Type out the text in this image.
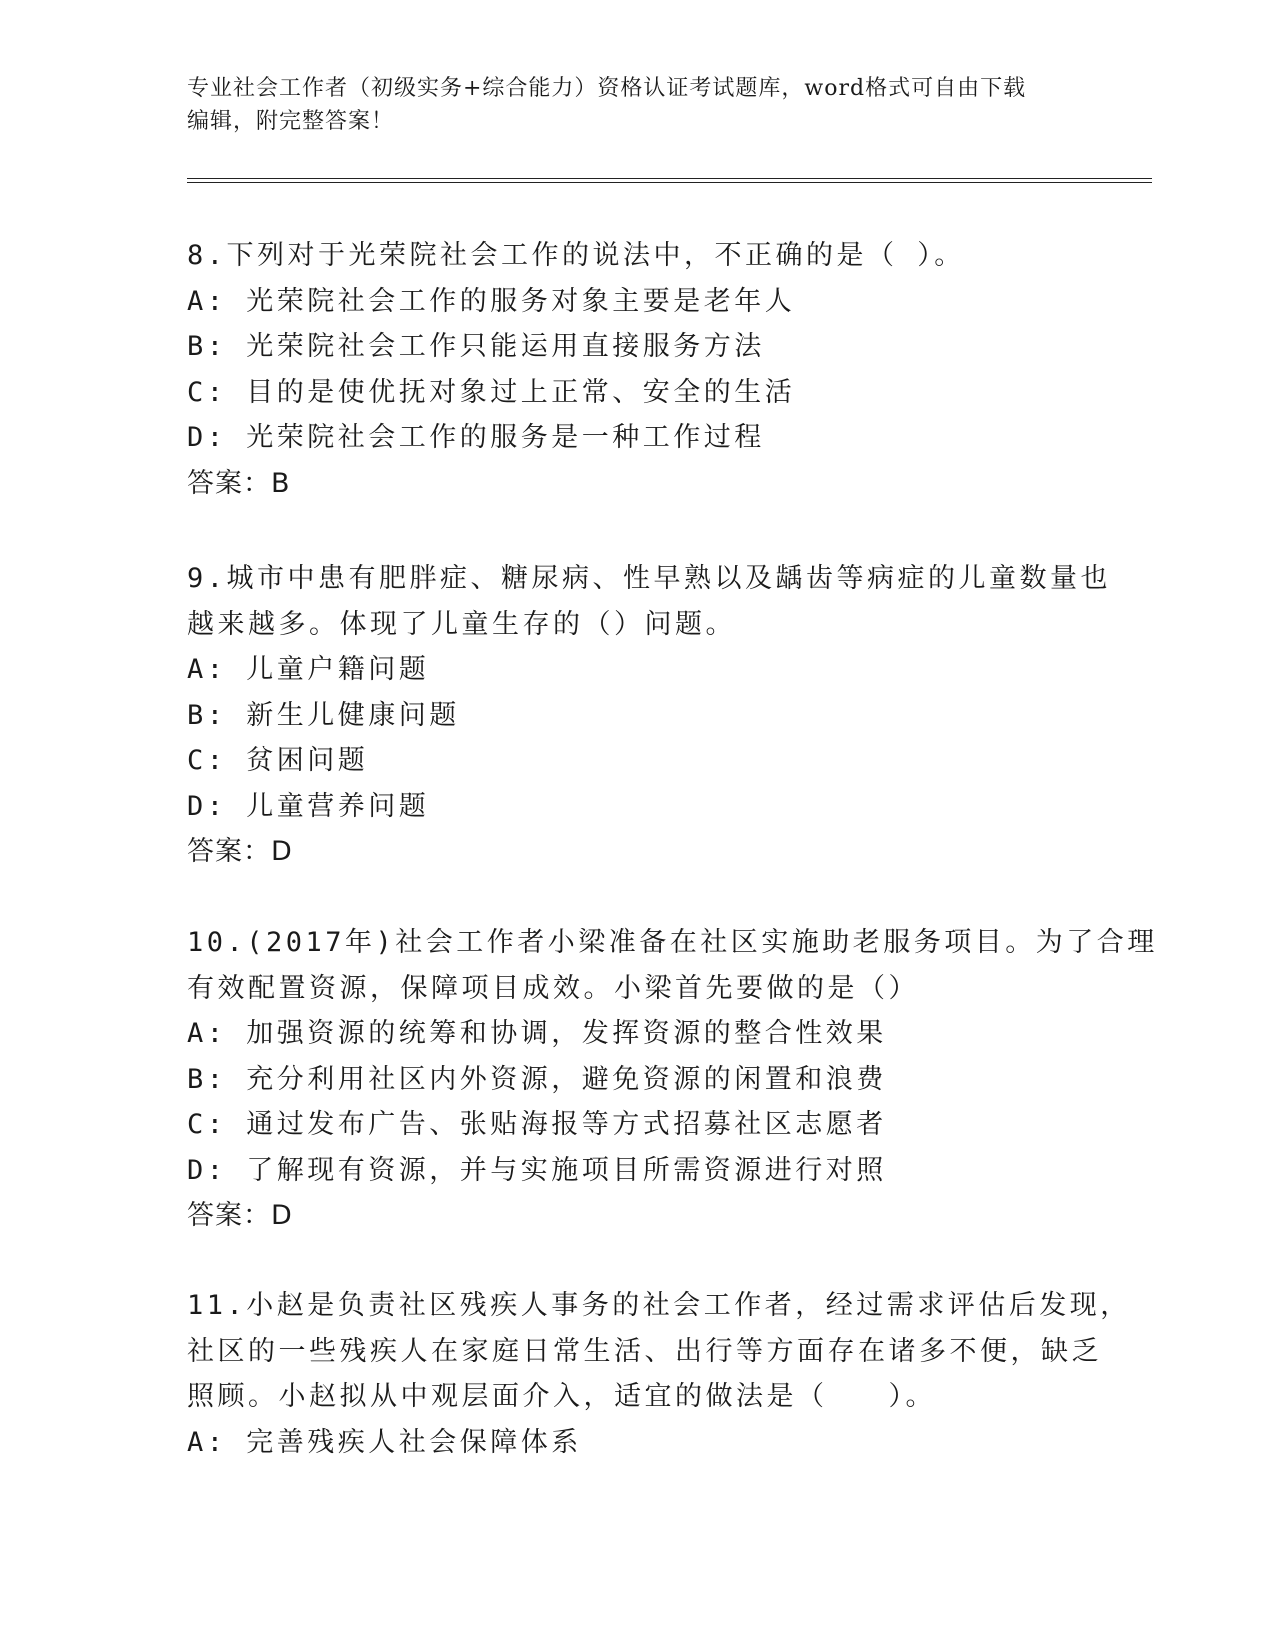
专业社会工作者（初级实务+综合能力）资格认证考试题库，word格式可自由下载
编辑，附完整答案！
8.下列对于光荣院社会工作的说法中，不正确的是（ ）。
A: 光荣院社会工作的服务对象主要是老年人
B: 光荣院社会工作只能运用直接服务方法
C: 目的是使优抚对象过上正常、安全的生活
D: 光荣院社会工作的服务是一种工作过程
答案：B
9.城市中患有肥胖症、糖尿病、性早熟以及龋齿等病症的儿童数量也
越来越多。体现了儿童生存的（）问题。
A: 儿童户籍问题
B: 新生儿健康问题
C: 贫困问题
D: 儿童营养问题
答案：D
10.(2017年)社会工作者小梁准备在社区实施助老服务项目。为了合理
有效配置资源，保障项目成效。小梁首先要做的是（）
A: 加强资源的统筹和协调，发挥资源的整合性效果
B: 充分利用社区内外资源，避免资源的闲置和浪费
C: 通过发布广告、张贴海报等方式招募社区志愿者
D: 了解现有资源，并与实施项目所需资源进行对照
答案：D
11.小赵是负责社区残疾人事务的社会工作者，经过需求评估后发现，
社区的一些残疾人在家庭日常生活、出行等方面存在诸多不便，缺乏
照顾。小赵拟从中观层面介入，适宜的做法是（　　）。
A: 完善残疾人社会保障体系
